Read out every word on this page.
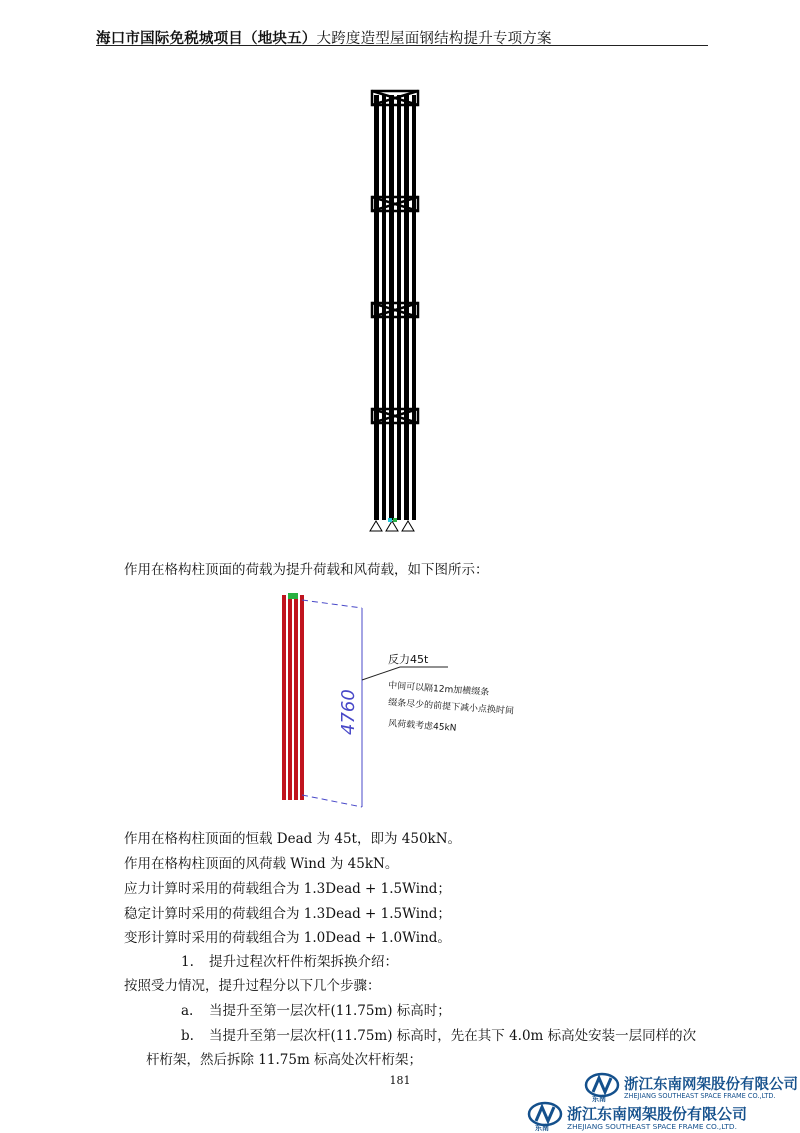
海口市国际免税城项目（地块五）大跨度造型屋面钢结构提升专项方案
作用在格构柱顶面的荷载为提升荷载和风荷载，如下图所示：
4760
反力45t
中间可以隔12m加横缀条
缀条尽少的前提下减小点换时间
风荷载考虑45kN
作用在格构柱顶面的恒载 Dead 为 45t，即为 450kN。
作用在格构柱顶面的风荷载 Wind 为 45kN。
应力计算时采用的荷载组合为 1.3Dead + 1.5Wind；
稳定计算时采用的荷载组合为 1.3Dead + 1.5Wind；
变形计算时采用的荷载组合为 1.0Dead + 1.0Wind。
1. 提升过程次杆件桁架拆换介绍：
按照受力情况，提升过程分以下几个步骤：
a. 当提升至第一层次杆(11.75m) 标高时；
b. 当提升至第一层次杆(11.75m) 标高时，先在其下 4.0m 标高处安装一层同样的次
杆桁架，然后拆除 11.75m 标高处次杆桁架；
181
东南
浙江东南网架股份有限公司
ZHEJIANG SOUTHEAST SPACE FRAME CO.,LTD.
东南
浙江东南网架股份有限公司
ZHEJIANG SOUTHEAST SPACE FRAME CO.,LTD.
